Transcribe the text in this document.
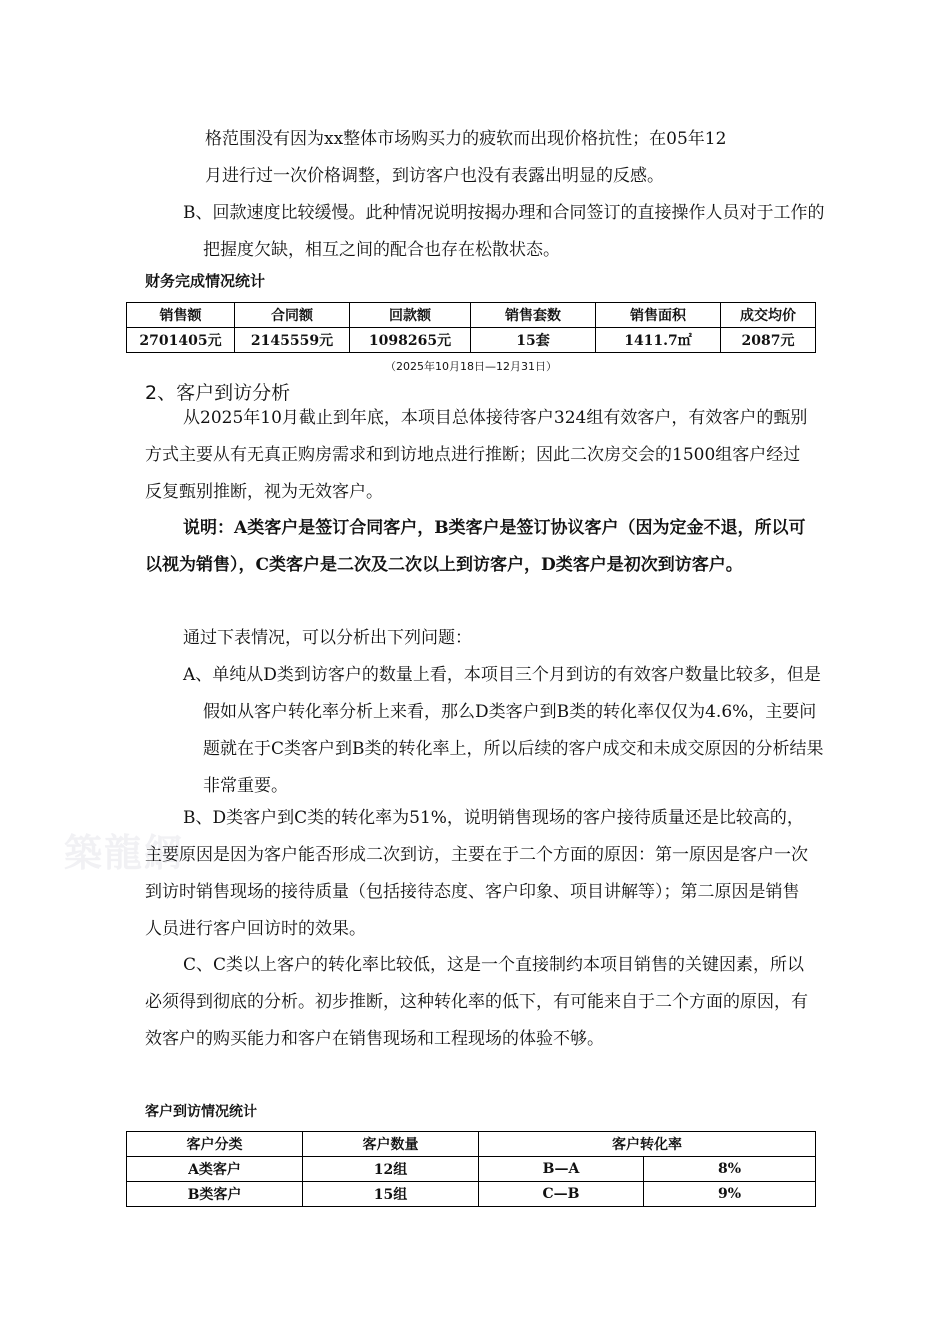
築龍網

格范围没有因为xx整体市场购买力的疲软而出现价格抗性；在05年12

月进行过一次价格调整，到访客户也没有表露出明显的反感。

B、回款速度比较缓慢。此种情况说明按揭办理和合同签订的直接操作人员对于工作的把握度欠缺，相互之间的配合也存在松散状态。

财务完成情况统计
销售额	合同额	回款额	销售套数	销售面积	成交均价
2701405元	2145559元	1098265元	15套	1411.7㎡	2087元
（2025年10月18日—12月31日）
2、客户到访分析

从2025年10月截止到年底，本项目总体接待客户324组有效客户，有效客户的甄别方式主要从有无真正购房需求和到访地点进行推断；因此二次房交会的1500组客户经过反复甄别推断，视为无效客户。

说明：A类客户是签订合同客户，B类客户是签订协议客户（因为定金不退，所以可以视为销售），C类客户是二次及二次以上到访客户，D类客户是初次到访客户。

通过下表情况，可以分析出下列问题：

A、单纯从D类到访客户的数量上看，本项目三个月到访的有效客户数量比较多，但是假如从客户转化率分析上来看，那么D类客户到B类的转化率仅仅为4.6%，主要问题就在于C类客户到B类的转化率上，所以后续的客户成交和未成交原因的分析结果非常重要。

B、D类客户到C类的转化率为51%，说明销售现场的客户接待质量还是比较高的，主要原因是因为客户能否形成二次到访，主要在于二个方面的原因：第一原因是客户一次到访时销售现场的接待质量（包括接待态度、客户印象、项目讲解等）；第二原因是销售人员进行客户回访时的效果。

C、C类以上客户的转化率比较低，这是一个直接制约本项目销售的关键因素，所以必须得到彻底的分析。初步推断，这种转化率的低下，有可能来自于二个方面的原因，有效客户的购买能力和客户在销售现场和工程现场的体验不够。

客户到访情况统计
客户分类	客户数量	客户转化率	
A类客户	12组	B—A	8%
B类客户	15组	C—B	9%
